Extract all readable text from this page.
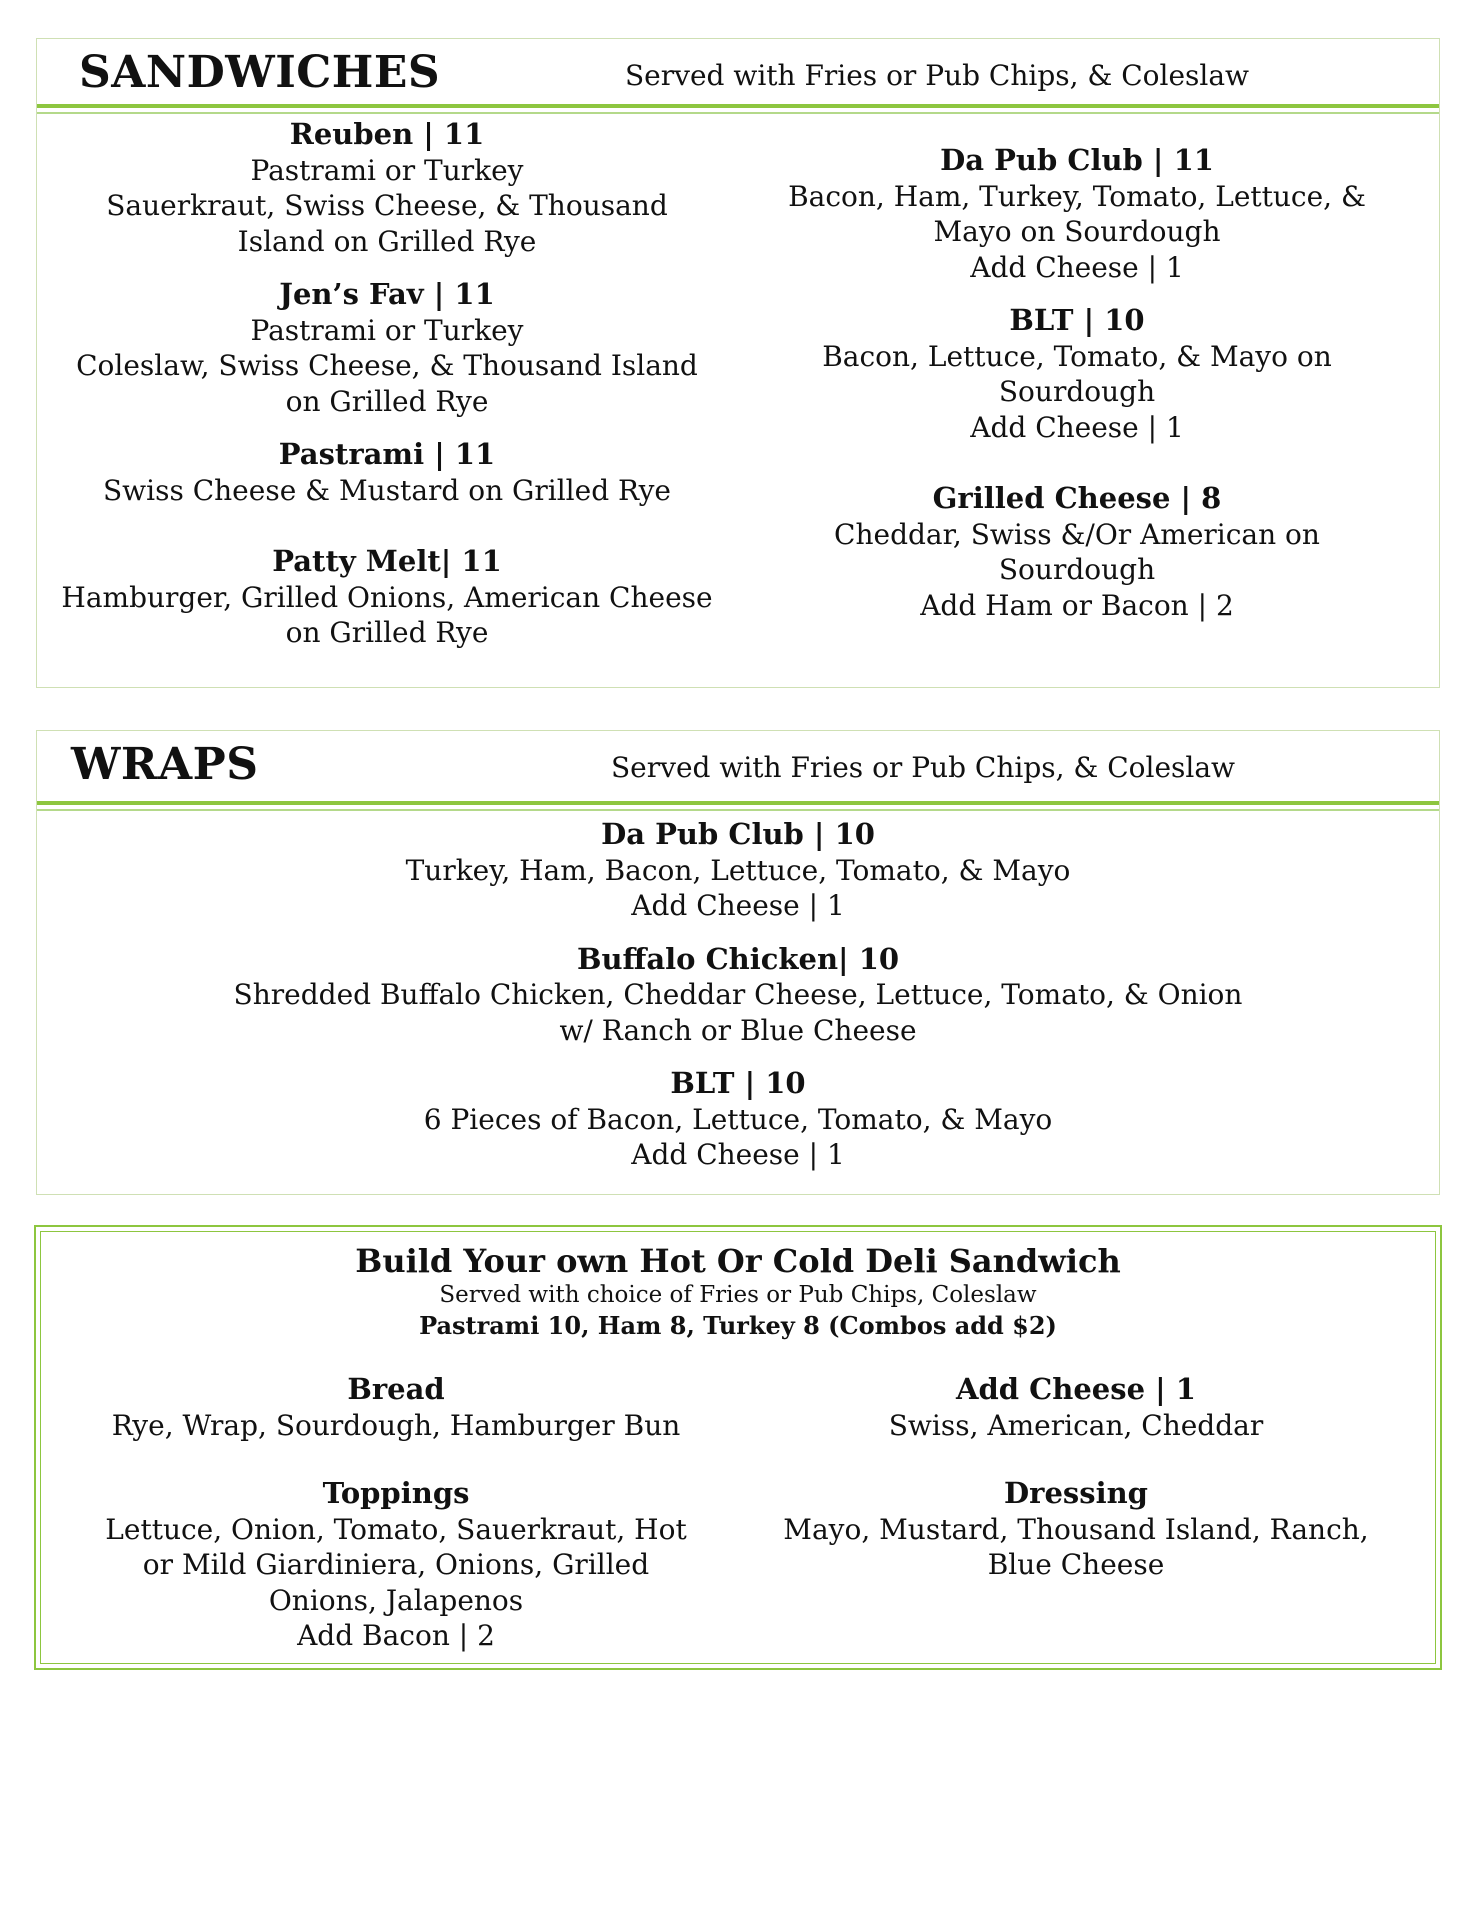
SANDWICHES	Served with Fries or Pub Chips, & Coleslaw
Reuben | 11
Pastrami or Turkey
Sauerkraut, Swiss Cheese, & Thousand
Island on Grilled Rye
Jen’s Fav | 11
Pastrami or Turkey
Coleslaw, Swiss Cheese, & Thousand Island
on Grilled Rye
Pastrami | 11
Swiss Cheese & Mustard on Grilled Rye
Patty Melt| 11
Hamburger, Grilled Onions, American Cheese
on Grilled Rye
Da Pub Club | 11
Bacon, Ham, Turkey, Tomato, Lettuce, &
Mayo on Sourdough
Add Cheese | 1
BLT | 10
Bacon, Lettuce, Tomato, & Mayo on
Sourdough
Add Cheese | 1
Grilled Cheese | 8
Cheddar, Swiss &/Or American on
Sourdough
Add Ham or Bacon | 2
WRAPS	Served with Fries or Pub Chips, & Coleslaw
Da Pub Club | 10
Turkey, Ham, Bacon, Lettuce, Tomato, & Mayo
Add Cheese | 1
Buffalo Chicken| 10
Shredded Buffalo Chicken, Cheddar Cheese, Lettuce, Tomato, & Onion
w/ Ranch or Blue Cheese
BLT | 10
6 Pieces of Bacon, Lettuce, Tomato, & Mayo
Add Cheese | 1
Build Your own Hot Or Cold Deli Sandwich
Served with choice of Fries or Pub Chips, Coleslaw
Pastrami 10, Ham 8, Turkey 8 (Combos add $2)
Bread
Rye, Wrap, Sourdough, Hamburger Bun
Toppings
Lettuce, Onion, Tomato, Sauerkraut, Hot
or Mild Giardiniera, Onions, Grilled
Onions, Jalapenos
Add Bacon | 2
Add Cheese | 1
Swiss, American, Cheddar
Dressing
Mayo, Mustard, Thousand Island, Ranch,
Blue Cheese
